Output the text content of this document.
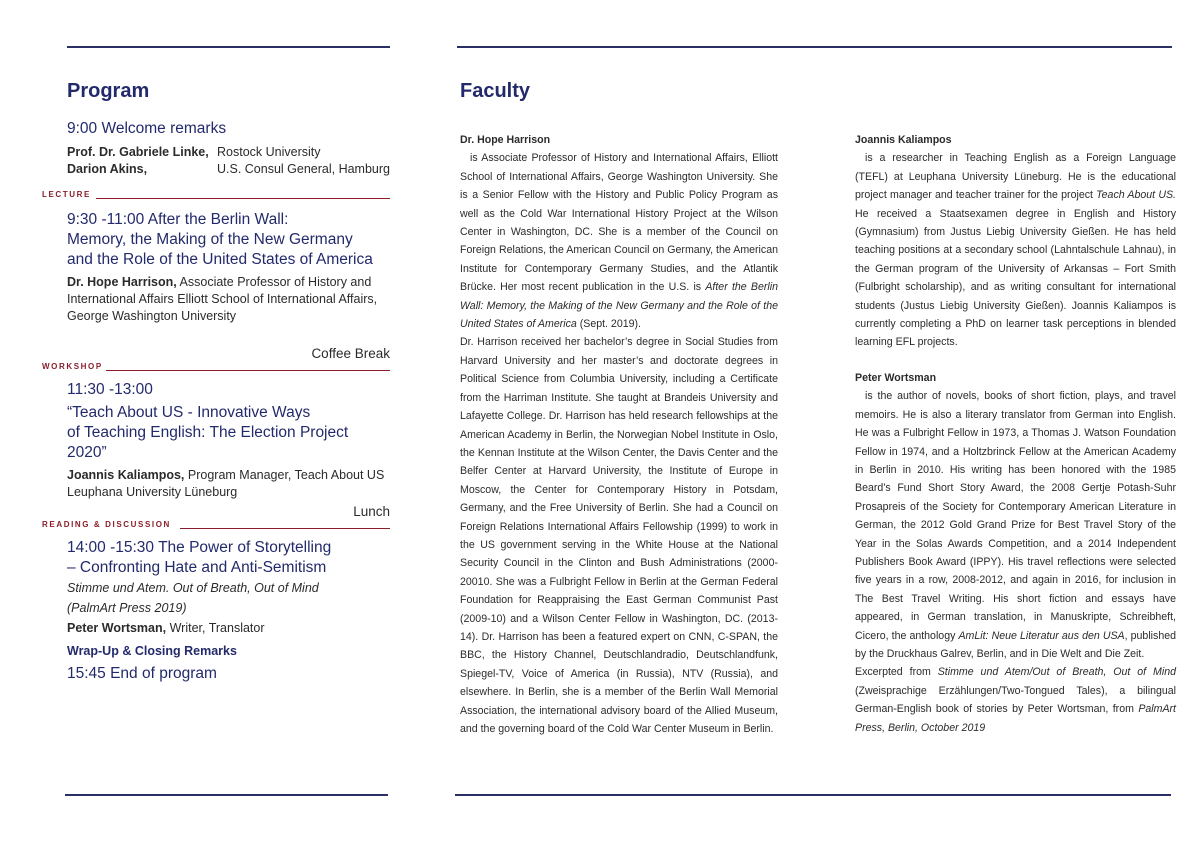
Program
9:00 Welcome remarks
Prof. Dr. Gabriele Linke, Rostock University
Darion Akins,	U.S. Consul General, Hamburg
LECTURE
9:30 -11:00 After the Berlin Wall:
Memory, the Making of the New Germany
and the Role of the United States of America
Dr. Hope Harrison, Associate Professor of History and International Affairs Elliott School of International Affairs, George Washington University
Coffee Break
WORKSHOP
11:30 -13:00
“Teach About US - Innovative Ways
of Teaching English: The Election Project 2020”
Joannis Kaliampos, Program Manager, Teach About US Leuphana University Lüneburg
Lunch
READING & DISCUSSION
14:00 -15:30 The Power of Storytelling
– Confronting Hate and Anti-Semitism
Stimme und Atem. Out of Breath, Out of Mind (PalmArt Press 2019)
Peter Wortsman, Writer, Translator
Wrap-Up & Closing Remarks
15:45 End of program
Faculty

Dr. Hope Harrison

is Associate Professor of History and International Affairs, Elliott School of International Affairs, George Washington University. She is a Senior Fellow with the History and Public Policy Program as well as the Cold War International History Project at the Wilson Center in Washington, DC. She is a member of the Council on Foreign Relations, the American Council on Germany, the American Institute for Contemporary Germany Studies, and the Atlantik Brücke. Her most recent publication in the U.S. is After the Berlin Wall: Memory, the Making of the New Germany and the Role of the United States of America (Sept. 2019).

Dr. Harrison received her bachelor’s degree in Social Studies from Harvard University and her master’s and doctorate degrees in Political Science from Columbia University, including a Certificate from the Harriman Institute. She taught at Brandeis University and Lafayette College. Dr. Harrison has held research fellowships at the American Academy in Berlin, the Norwegian Nobel Institute in Oslo, the Kennan Institute at the Wilson Center, the Davis Center and the Belfer Center at Harvard University, the Institute of Europe in Moscow, the Center for Contemporary History in Potsdam, Germany, and the Free University of Berlin. She had a Council on Foreign Relations International Affairs Fellowship (1999) to work in the US government serving in the White House at the National Security Council in the Clinton and Bush Administrations (2000-20010. She was a Fulbright Fellow in Berlin at the German Federal Foundation for Reappraising the East German Communist Past (2009-10) and a Wilson Center Fellow in Washington, DC. (2013-14). Dr. Harrison has been a featured expert on CNN, C-SPAN, the BBC, the History Channel, Deutschlandradio, Deutschlandfunk, Spiegel-TV, Voice of America (in Russia), NTV (Russia), and elsewhere. In Berlin, she is a member of the Berlin Wall Memorial Association, the international advisory board of the Allied Museum, and the governing board of the Cold War Center Museum in Berlin.

Joannis Kaliampos

is a researcher in Teaching English as a Foreign Language (TEFL) at Leuphana University Lüneburg. He is the educational project manager and teacher trainer for the project Teach About US. He received a Staatsexamen degree in English and History (Gymnasium) from Justus Liebig University Gießen. He has held teaching positions at a secondary school (Lahntalschule Lahnau), in the German program of the University of Arkansas – Fort Smith (Fulbright scholarship), and as writing consultant for international students (Justus Liebig University Gießen). Joannis Kaliampos is currently completing a PhD on learner task perceptions in blended learning EFL projects.

Peter Wortsman

is the author of novels, books of short fiction, plays, and travel memoirs. He is also a literary translator from German into English. He was a Fulbright Fellow in 1973, a Thomas J. Watson Foundation Fellow in 1974, and a Holtzbrinck Fellow at the American Academy in Berlin in 2010. His writing has been honored with the 1985 Beard’s Fund Short Story Award, the 2008 Gertje Potash-Suhr Prosapreis of the Society for Contemporary American Literature in German, the 2012 Gold Grand Prize for Best Travel Story of the Year in the Solas Awards Competition, and a 2014 Independent Publishers Book Award (IPPY). His travel reflections were selected five years in a row, 2008-2012, and again in 2016, for inclusion in The Best Travel Writing. His short fiction and essays have appeared, in German translation, in Manuskripte, Schreibheft, Cicero, the anthology AmLit: Neue Literatur aus den USA, published by the Druckhaus Galrev, Berlin, and in Die Welt and Die Zeit.

Excerpted from Stimme und Atem/Out of Breath, Out of Mind (Zweisprachige Erzählungen/Two-Tongued Tales), a bilingual German-English book of stories by Peter Wortsman, from PalmArt Press, Berlin, October 2019
